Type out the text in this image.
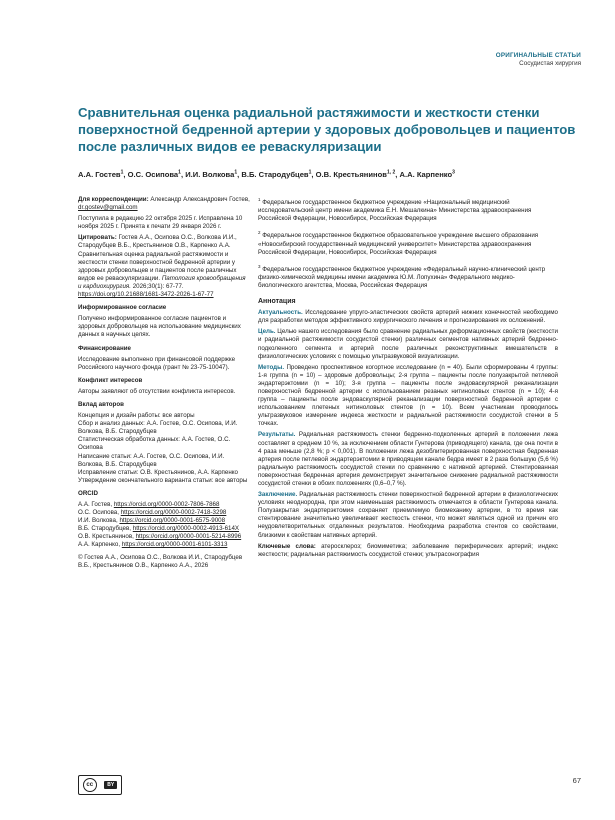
ОРИГИНАЛЬНЫЕ СТАТЬИ
Сосудистая хирургия
Сравнительная оценка радиальной растяжимости и жесткости стенки поверхностной бедренной артерии у здоровых добровольцев и пациентов после различных видов ее реваскуляризации
А.А. Гостев$^1$, О.С. Осипова$^1$, И.И. Волкова$^1$, В.Б. Стародубцев$^1$, О.В. Крестьянинов$^{1, 2}$, А.А. Карпенко$^3$

Для корреспонденции: Александр Александрович Гостев, dr.gostev@gmail.com

Поступила в редакцию 22 октября 2025 г. Исправлена 10 ноября 2025 г. Принята к печати 29 января 2026 г.

Цитировать: Гостев А.А., Осипова О.С., Волкова И.И., Стародубцев В.Б., Крестьянинов О.В., Карпенко А.А. Сравнительная оценка радиальной растяжимости и жесткости стенки поверхностной бедренной артерии у здоровых добровольцев и пациентов после различных видов ее реваскуляризации. Патология кровообращения и кардиохирургия. 2026;30(1): 67-77. https://doi.org/10.21688/1681-3472-2026-1-67-77

Информированное согласие

Получено информированное согласие пациентов и здоровых добровольцев на использование медицинских данных в научных целях.

Финансирование

Исследование выполнено при финансовой поддержке Российского научного фонда (грант № 23-75-10047).

Конфликт интересов

Авторы заявляют об отсутствии конфликта интересов.

Вклад авторов

Концепция и дизайн работы: все авторы
Сбор и анализ данных: А.А. Гостев, О.С. Осипова, И.И. Волкова, В.Б. Стародубцев
Статистическая обработка данных: А.А. Гостев, О.С. Осипова
Написание статьи: А.А. Гостев, О.С. Осипова, И.И. Волкова, В.Б. Стародубцев
Исправление статьи: О.В. Крестьянинов, А.А. Карпенко
Утверждение окончательного варианта статьи: все авторы

ORCID

А.А. Гостев, https://orcid.org/0000-0002-7806-7868
О.С. Осипова, https://orcid.org/0000-0002-7418-3298
И.И. Волкова, https://orcid.org/0000-0001-6575-9008
В.Б. Стародубцев, https://orcid.org/0000-0002-4913-614X
О.В. Крестьянинов, https://orcid.org/0000-0001-5214-8996
А.А. Карпенко, https://orcid.org/0000-0001-6101-3313

© Гостев А.А., Осипова О.С., Волкова И.И., Стародубцев В.Б., Крестьянинов О.В., Карпенко А.А., 2026

$^1$ Федеральное государственное бюджетное учреждение «Национальный медицинский исследовательский центр имени академика Е.Н. Мешалкина» Министерства здравоохранения Российской Федерации, Новосибирск, Российская Федерация

$^2$ Федеральное государственное бюджетное образовательное учреждение высшего образования «Новосибирский государственный медицинский университет» Министерства здравоохранения Российской Федерации, Новосибирск, Российская Федерация

$^3$ Федеральное государственное бюджетное учреждение «Федеральный научно-клинический центр физико-химической медицины имени академика Ю.М. Лопухина» Федерального медико-биологического агентства, Москва, Российская Федерация

Аннотация

Актуальность. Исследование упруго-эластических свойств артерий нижних конечностей необходимо для разработки методов эффективного хирургического лечения и прогнозирования их осложнений.

Цель. Целью нашего исследования было сравнение радиальных деформационных свойств (жесткости и радиальной растяжимости сосудистой стенки) различных сегментов нативных артерий бедренно-подколенного сегмента и артерий после различных реконструктивных вмешательств в физиологических условиях с помощью ультразвуковой визуализации.

Методы. Проведено проспективное когортное исследование (n = 40). Были сформированы 4 группы: 1-я группа (n = 10) – здоровые добровольцы; 2-я группа – пациенты после полузакрытой петлевой эндартерэктомии (n = 10); 3-я группа – пациенты после эндоваскулярной реканализации поверхностной бедренной артерии с использованием резаных нитиноловых стентов (n = 10); 4-я группа – пациенты после эндоваскулярной реканализации поверхностной бедренной артерии с использованием плетеных нитиноловых стентов (n = 10). Всем участникам проводилось ультразвуковое измерение индекса жесткости и радиальной растяжимости сосудистой стенки в 5 точках.

Результаты. Радиальная растяжимость стенки бедренно-подколенных артерий в положении лежа составляет в среднем 10 %, за исключением области Гунтерова (приводящего) канала, где она почти в 4 раза меньше (2,8 %; p < 0,001). В положении лежа дезоблитерированная поверхностная бедренная артерия после петлевой эндартерэктомии в приводящем канале бедра имеет в 2 раза большую (5,6 %) радиальную растяжимость сосудистой стенки по сравнению с нативной артерией. Стентированная поверхностная бедренная артерия демонстрирует значительное снижение радиальной растяжимости сосудистой стенки в обоих положениях (0,6–0,7 %).

Заключение. Радиальная растяжимость стенки поверхностной бедренной артерии в физиологических условиях неоднородна, при этом наименьшая растяжимость отмечается в области Гунтерова канала. Полузакрытая эндартерэктомия сохраняет приемлемую биомеханику артерии, в то время как стентирование значительно увеличивает жесткость стенки, что может являться одной из причин его неудовлетворительных отдаленных результатов. Необходима разработка стентов со свойствами, близкими к свойствам нативных артерий.

Ключевые слова: атеросклероз; биомиметика; заболевание периферических артерий; индекс жесткости; радиальная растяжимость сосудистой стенки; ультрасонография

cc	BY	67
